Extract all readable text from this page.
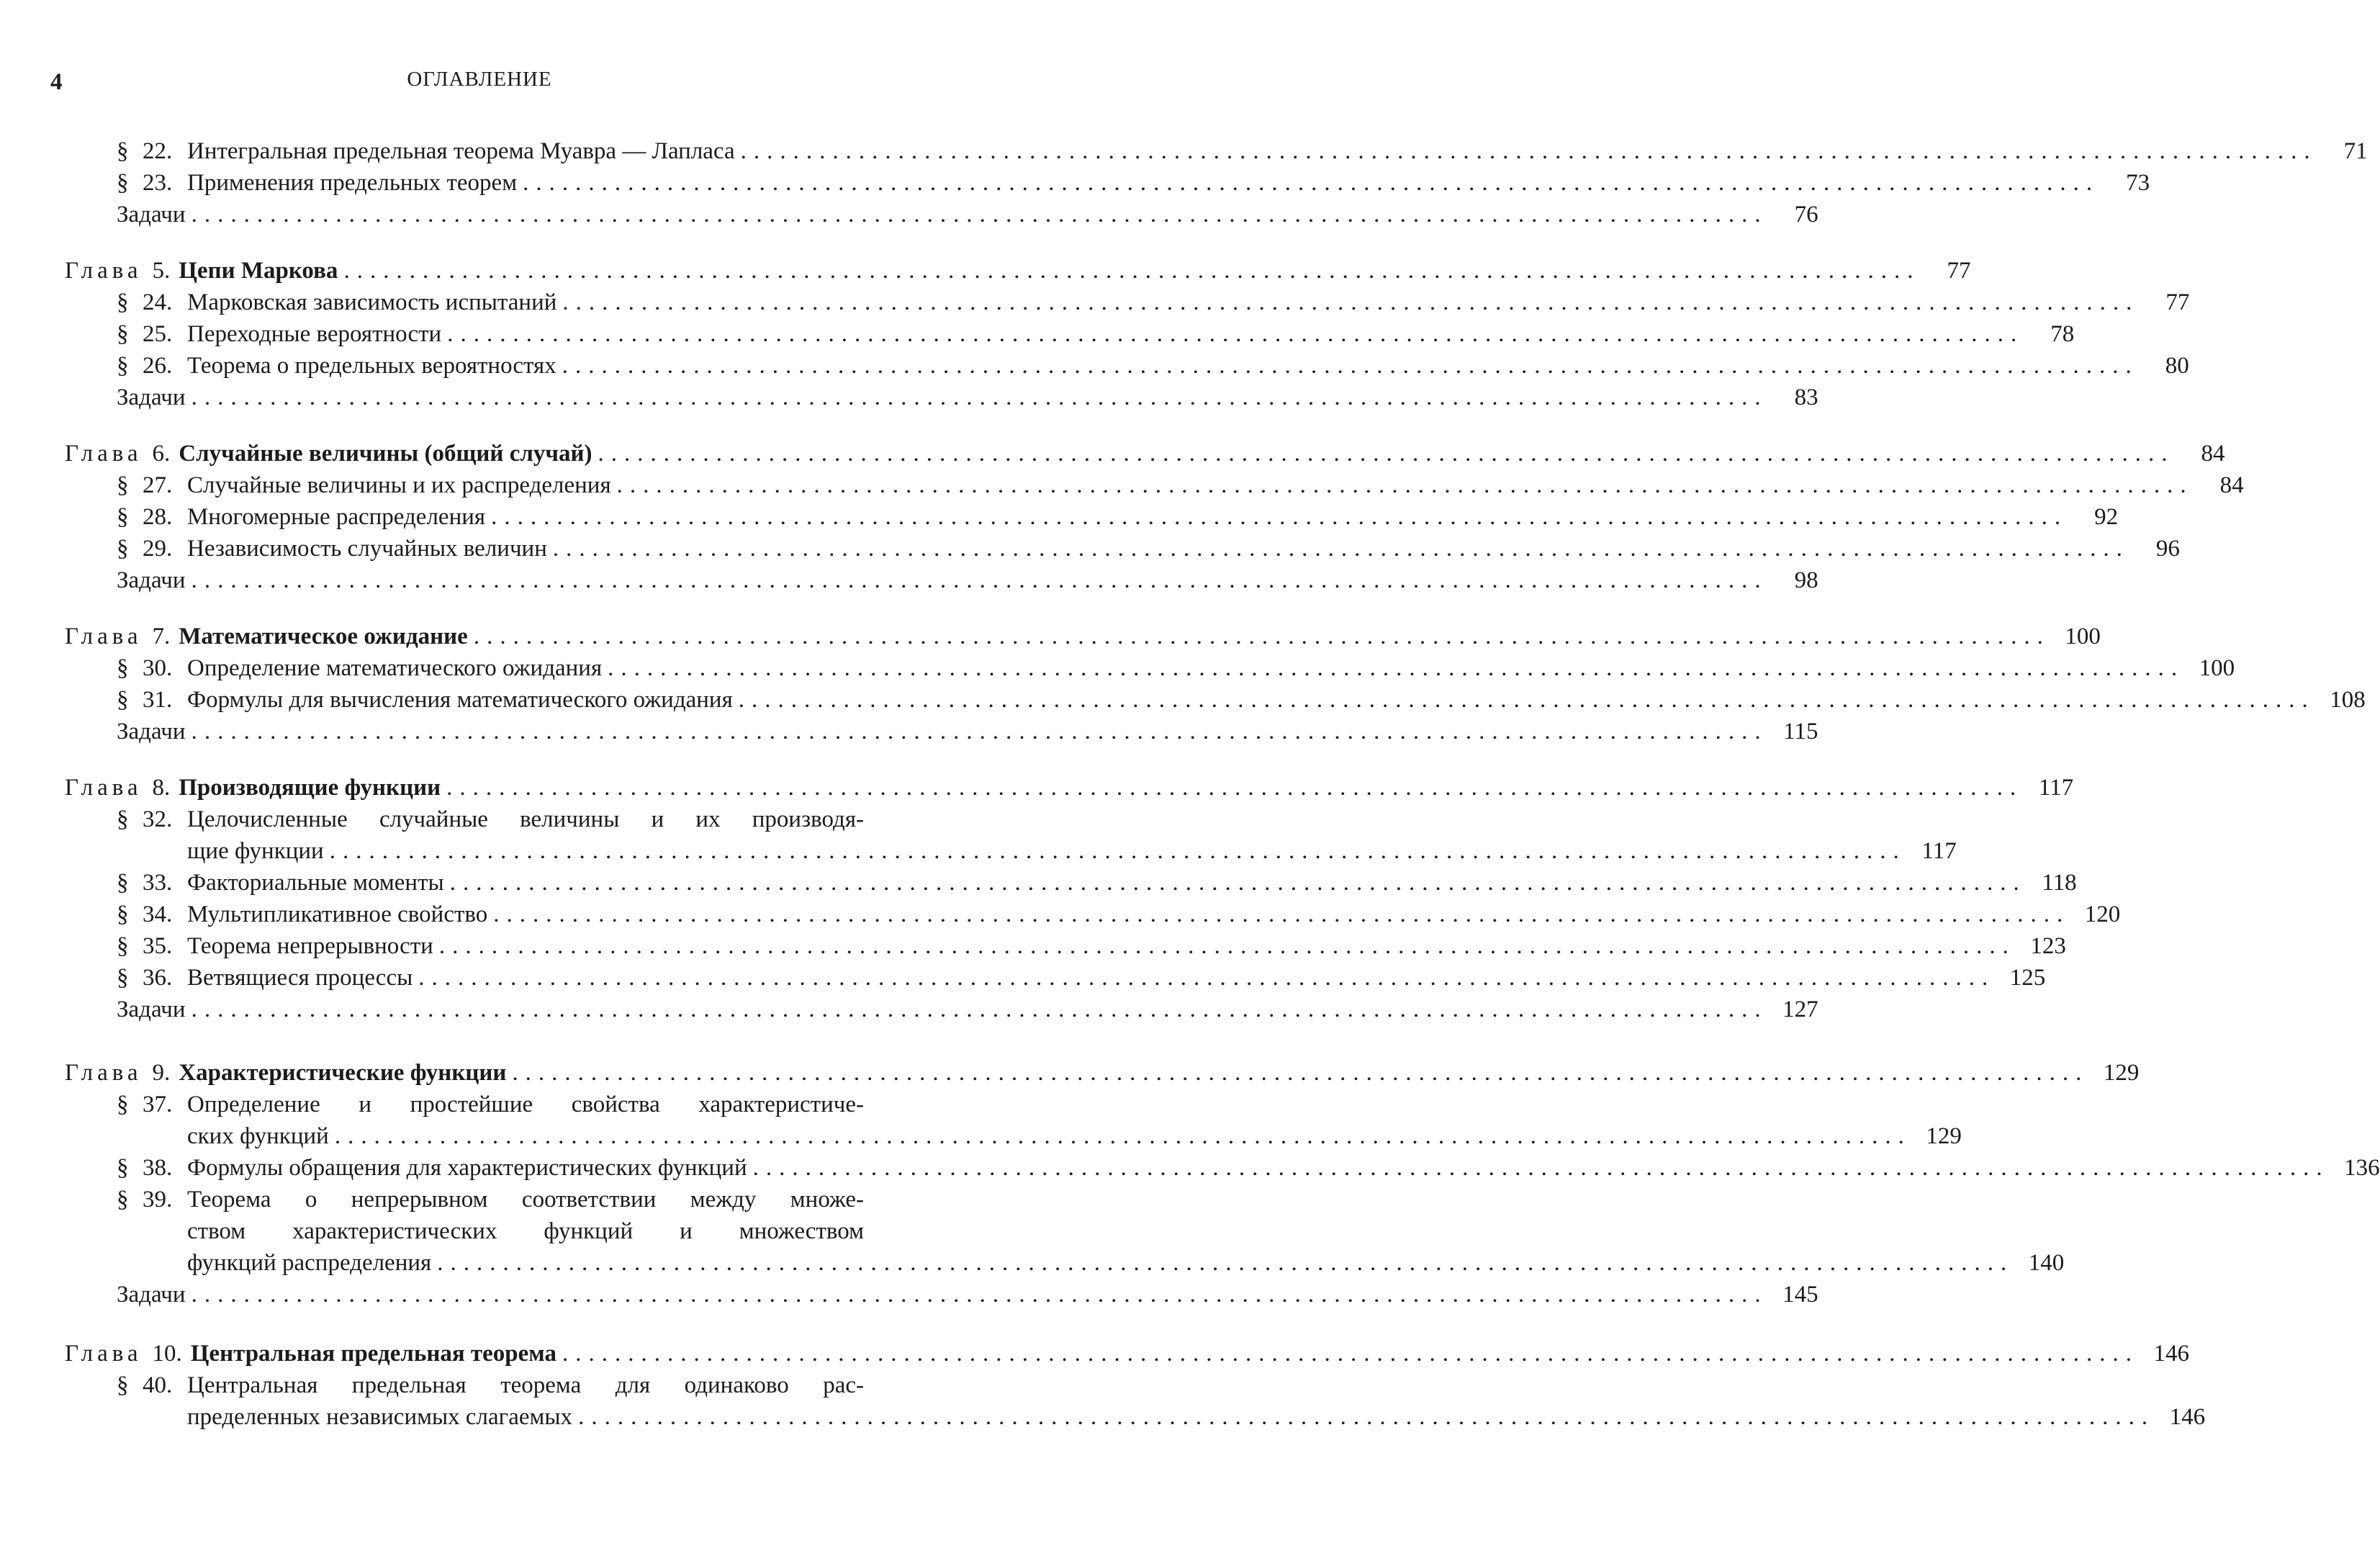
4	ОГЛАВЛЕНИЕ
§ 22. Интегральная предельная теорема Муавра — Лапласа ........................................................................................................................	71
§ 23. Применения предельных теорем ........................................................................................................................	73
Задачи ........................................................................................................................	76
Глава 5. Цепи Маркова ........................................................................................................................	77
§ 24. Марковская зависимость испытаний ........................................................................................................................	77
§ 25. Переходные вероятности ........................................................................................................................	78
§ 26. Теорема о предельных вероятностях ........................................................................................................................	80
Задачи ........................................................................................................................	83
Глава 6. Случайные величины (общий случай) ........................................................................................................................	84
§ 27. Случайные величины и их распределения ........................................................................................................................	84
§ 28. Многомерные распределения ........................................................................................................................	92
§ 29. Независимость случайных величин ........................................................................................................................	96
Задачи ........................................................................................................................	98
Глава 7. Математическое ожидание ........................................................................................................................ 100
§ 30. Определение математического ожидания ........................................................................................................................ 100
§ 31. Формулы для вычисления математического ожидания ........................................................................................................................ 108
Задачи ........................................................................................................................ 115
Глава 8. Производящие функции ........................................................................................................................ 117
§ 32. Целочисленные случайные величины и их производя-
щие функции ........................................................................................................................ 117
§ 33. Факториальные моменты ........................................................................................................................ 118
§ 34. Мультипликативное свойство ........................................................................................................................ 120
§ 35. Теорема непрерывности ........................................................................................................................ 123
§ 36. Ветвящиеся процессы ........................................................................................................................ 125
Задачи ........................................................................................................................ 127
Глава 9. Характеристические функции ........................................................................................................................ 129
§ 37. Определение и простейшие свойства характеристиче-
ских функций ........................................................................................................................ 129
§ 38. Формулы обращения для характеристических функций ........................................................................................................................ 136
§ 39. Теорема о непрерывном соответствии между множе-
ством характеристических функций и множеством
функций распределения ........................................................................................................................ 140
Задачи ........................................................................................................................ 145
Глава 10. Центральная предельная теорема ........................................................................................................................ 146
§ 40. Центральная предельная теорема для одинаково рас-
пределенных независимых слагаемых ........................................................................................................................ 146
